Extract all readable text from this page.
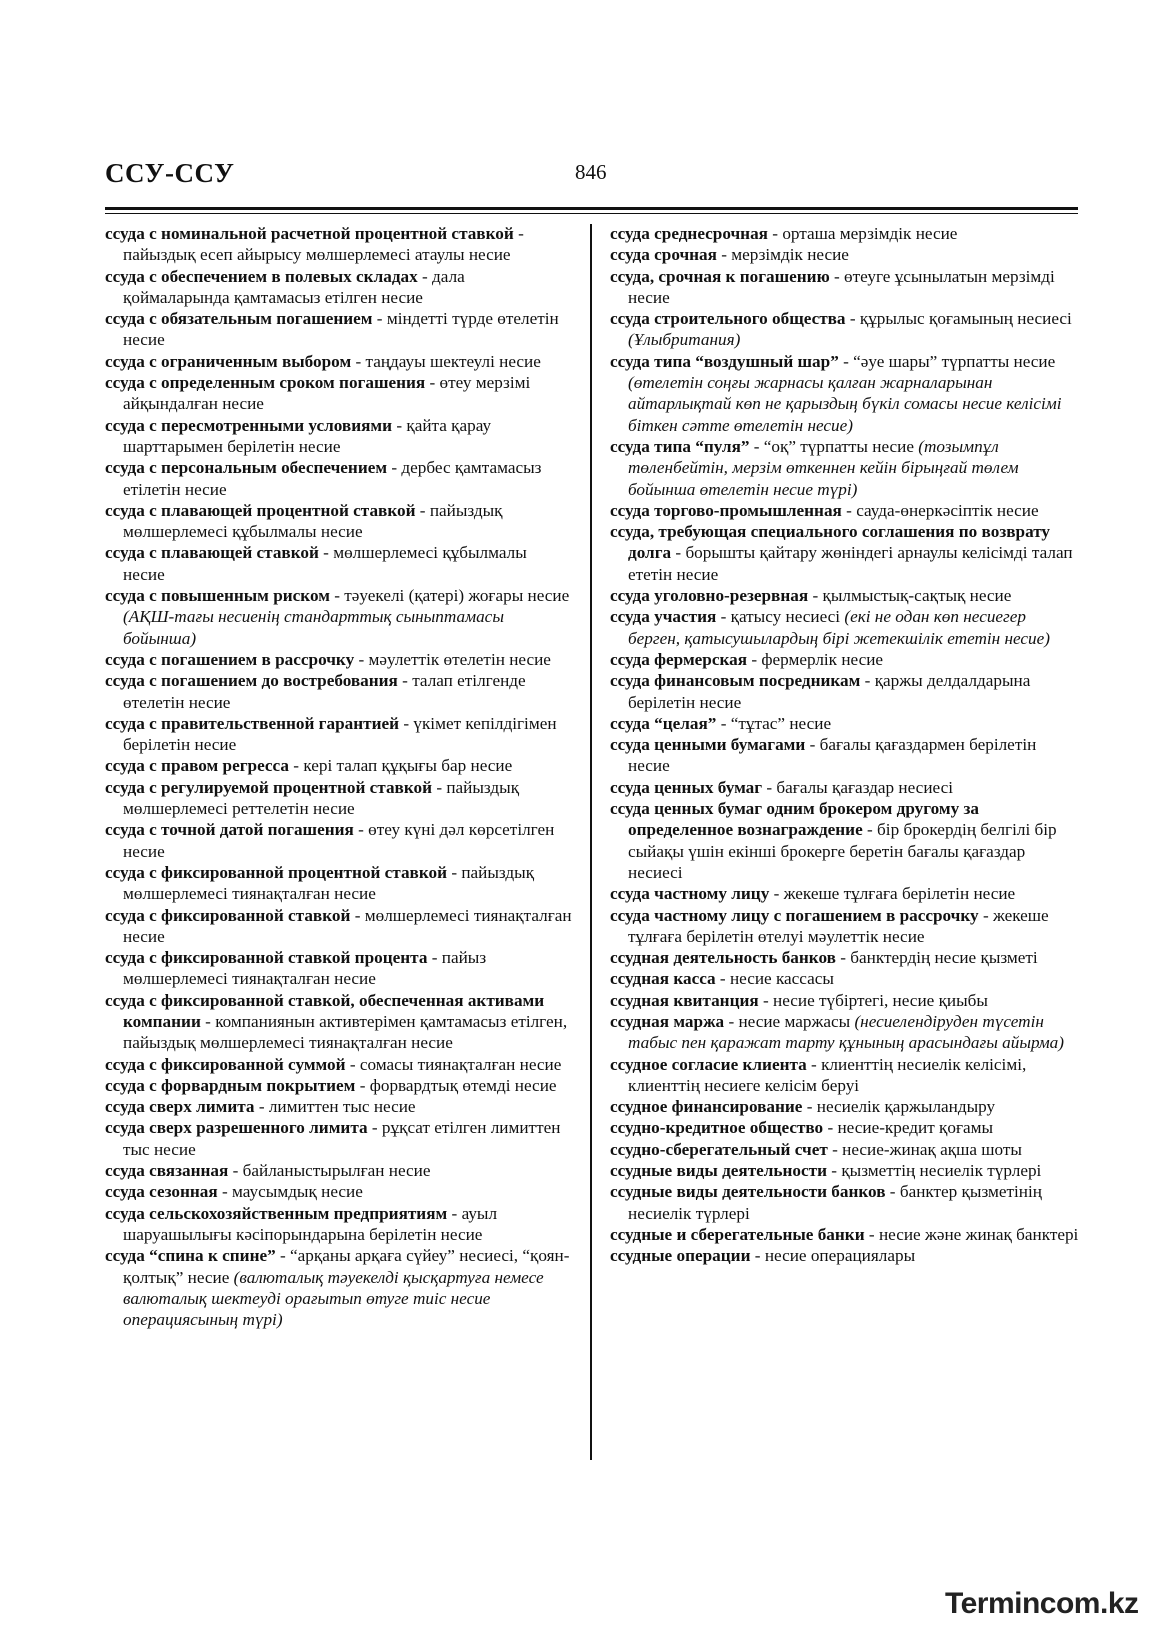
ССУ-ССУ	846

ссуда с номинальной расчетной процентной ставкой - пайыздық есеп айырысу мөлшерлемесі атаулы несие

ссуда с обеспечением в полевых складах - дала қоймаларында қамтамасыз етілген несие

ссуда с обязательным погашением - міндетті түрде өтелетін несие

ссуда с ограниченным выбором - таңдауы шектеулі несие

ссуда с определенным сроком погашения - өтеу мерзімі айқындалған несие

ссуда с пересмотренными условиями - қайта қарау шарттарымен берілетін несие

ссуда с персональным обеспечением - дербес қамтамасыз етілетін несие

ссуда с плавающей процентной ставкой - пайыздық мөлшерлемесі құбылмалы несие

ссуда с плавающей ставкой - мөлшерлемесі құбылмалы несие

ссуда с повышенным риском - тәуекелі (қатері) жоғары несие (АҚШ-тағы несиенің стандарттық сыныптамасы бойынша)

ссуда с погашением в рассрочку - мәулеттік өтелетін несие

ссуда с погашением до востребования - талап етілгенде өтелетін несие

ссуда с правительственной гарантией - үкімет кепілдігімен берілетін несие

ссуда с правом регресса - кері талап құқығы бар несие

ссуда с регулируемой процентной ставкой - пайыздық мөлшерлемесі реттелетін несие

ссуда с точной датой погашения - өтеу күні дәл көрсетілген несие

ссуда с фиксированной процентной ставкой - пайыздық мөлшерлемесі тиянақталған несие

ссуда с фиксированной ставкой - мөлшерлемесі тиянақталған несие

ссуда с фиксированной ставкой процента - пайыз мөлшерлемесі тиянақталған несие

ссуда с фиксированной ставкой, обеспеченная активами компании - компаниянын активтерімен қамтамасыз етілген, пайыздық мөлшерлемесі тиянақталған несие

ссуда с фиксированной суммой - сомасы тиянақталған несие

ссуда с форвардным покрытием - форвардтық өтемді несие

ссуда сверх лимита - лимиттен тыс несие

ссуда сверх разрешенного лимита - рұқсат етілген лимиттен тыс несие

ссуда связанная - байланыстырылған несие

ссуда сезонная - маусымдық несие

ссуда сельскохозяйственным предприятиям - ауыл шаруашылығы кәсіпорындарына берілетін несие

ссуда “спина к спине” - “арқаны арқаға сүйеу” несиесі, “қоян-қолтық” несие (валюталық тәуекелді қысқартуға немесе валюталық шектеуді орағытып өтуге тиіс несие операциясының түрі)

ссуда среднесрочная - орташа мерзімдік несие

ссуда срочная - мерзімдік несие

ссуда, срочная к погашению - өтеуге ұсынылатын мерзімді несие

ссуда строительного общества - құрылыс қоғамының несиесі (Ұлыбритания)

ссуда типа “воздушный шар” - “әуе шары” түрпатты несие (өтелетін соңғы жарнасы қалған жарналарынан айтарлықтай көп не қарыздың бүкіл сомасы несие келісімі біткен сәтте өтелетін несие)

ссуда типа “пуля” - “оқ” түрпатты несие (тозымпұл төленбейтін, мерзім өткеннен кейін бірыңғай төлем бойынша өтелетін несие түрі)

ссуда торгово-промышленная - сауда-өнеркәсіптік несие

ссуда, требующая специального соглашения по возврату долга - борышты қайтару жөніндегі арнаулы келісімді талап ететін несие

ссуда уголовно-резервная - қылмыстық-сақтық несие

ссуда участия - қатысу несиесі (екі не одан көп несиегер берген, қатысушылардың бірі жетекшілік ететін несие)

ссуда фермерская - фермерлік несие

ссуда финансовым посредникам - қаржы делдалдарына берілетін несие

ссуда “целая” - “тұтас” несие

ссуда ценными бумагами - бағалы қағаздармен берілетін несие

ссуда ценных бумаг - бағалы қағаздар несиесі

ссуда ценных бумаг одним брокером другому за определенное вознаграждение - бір брокердің белгілі бір сыйақы үшін екінші брокерге беретін бағалы қағаздар несиесі

ссуда частному лицу - жекеше тұлғаға берілетін несие

ссуда частному лицу с погашением в рассрочку - жекеше тұлғаға берілетін өтелуі мәулеттік несие

ссудная деятельность банков - банктердің несие қызметі

ссудная касса - несие кассасы

ссудная квитанция - несие түбіртегі, несие қиыбы

ссудная маржа - несие маржасы (несиелендіруден түсетін табыс пен қаражат тарту құнының арасындағы айырма)

ссудное согласие клиента - клиенттің несиелік келісімі, клиенттің несиеге келісім беруі

ссудное финансирование - несиелік қаржыландыру

ссудно-кредитное общество - несие-кредит қоғамы

ссудно-сберегательный счет - несие-жинақ ақша шоты

ссудные виды деятельности - қызметтің несиелік түрлері

ссудные виды деятельности банков - банктер қызметінің несиелік түрлері

ссудные и сберегательные банки - несие және жинақ банктері

ссудные операции - несие операциялары

Termincom.kz
